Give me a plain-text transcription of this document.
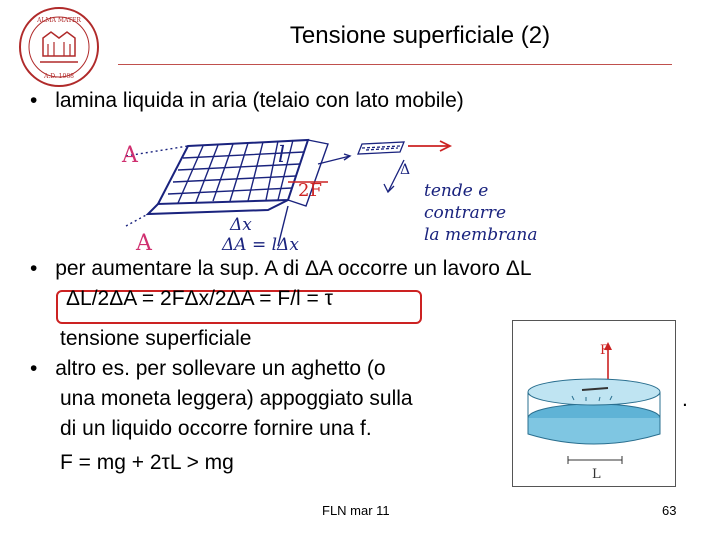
ALMA MATER
A.D. 1088
Tensione superficiale (2)
• lamina liquida in aria (telaio con lato mobile)
A
A
l
2F
Δx
ΔA = lΔx
Δ
tende e
contrarre
la membrana
• per aumentare la sup. A di ΔA occorre un lavoro ΔL
ΔL/2ΔA = 2FΔx/2ΔA = F/l = τ
tensione superficiale
• altro es. per sollevare un aghetto (o
una moneta leggera) appoggiato sulla
di un liquido occorre fornire una f.
F = mg + 2τL > mg
F
L
.
FLN mar 11	63
